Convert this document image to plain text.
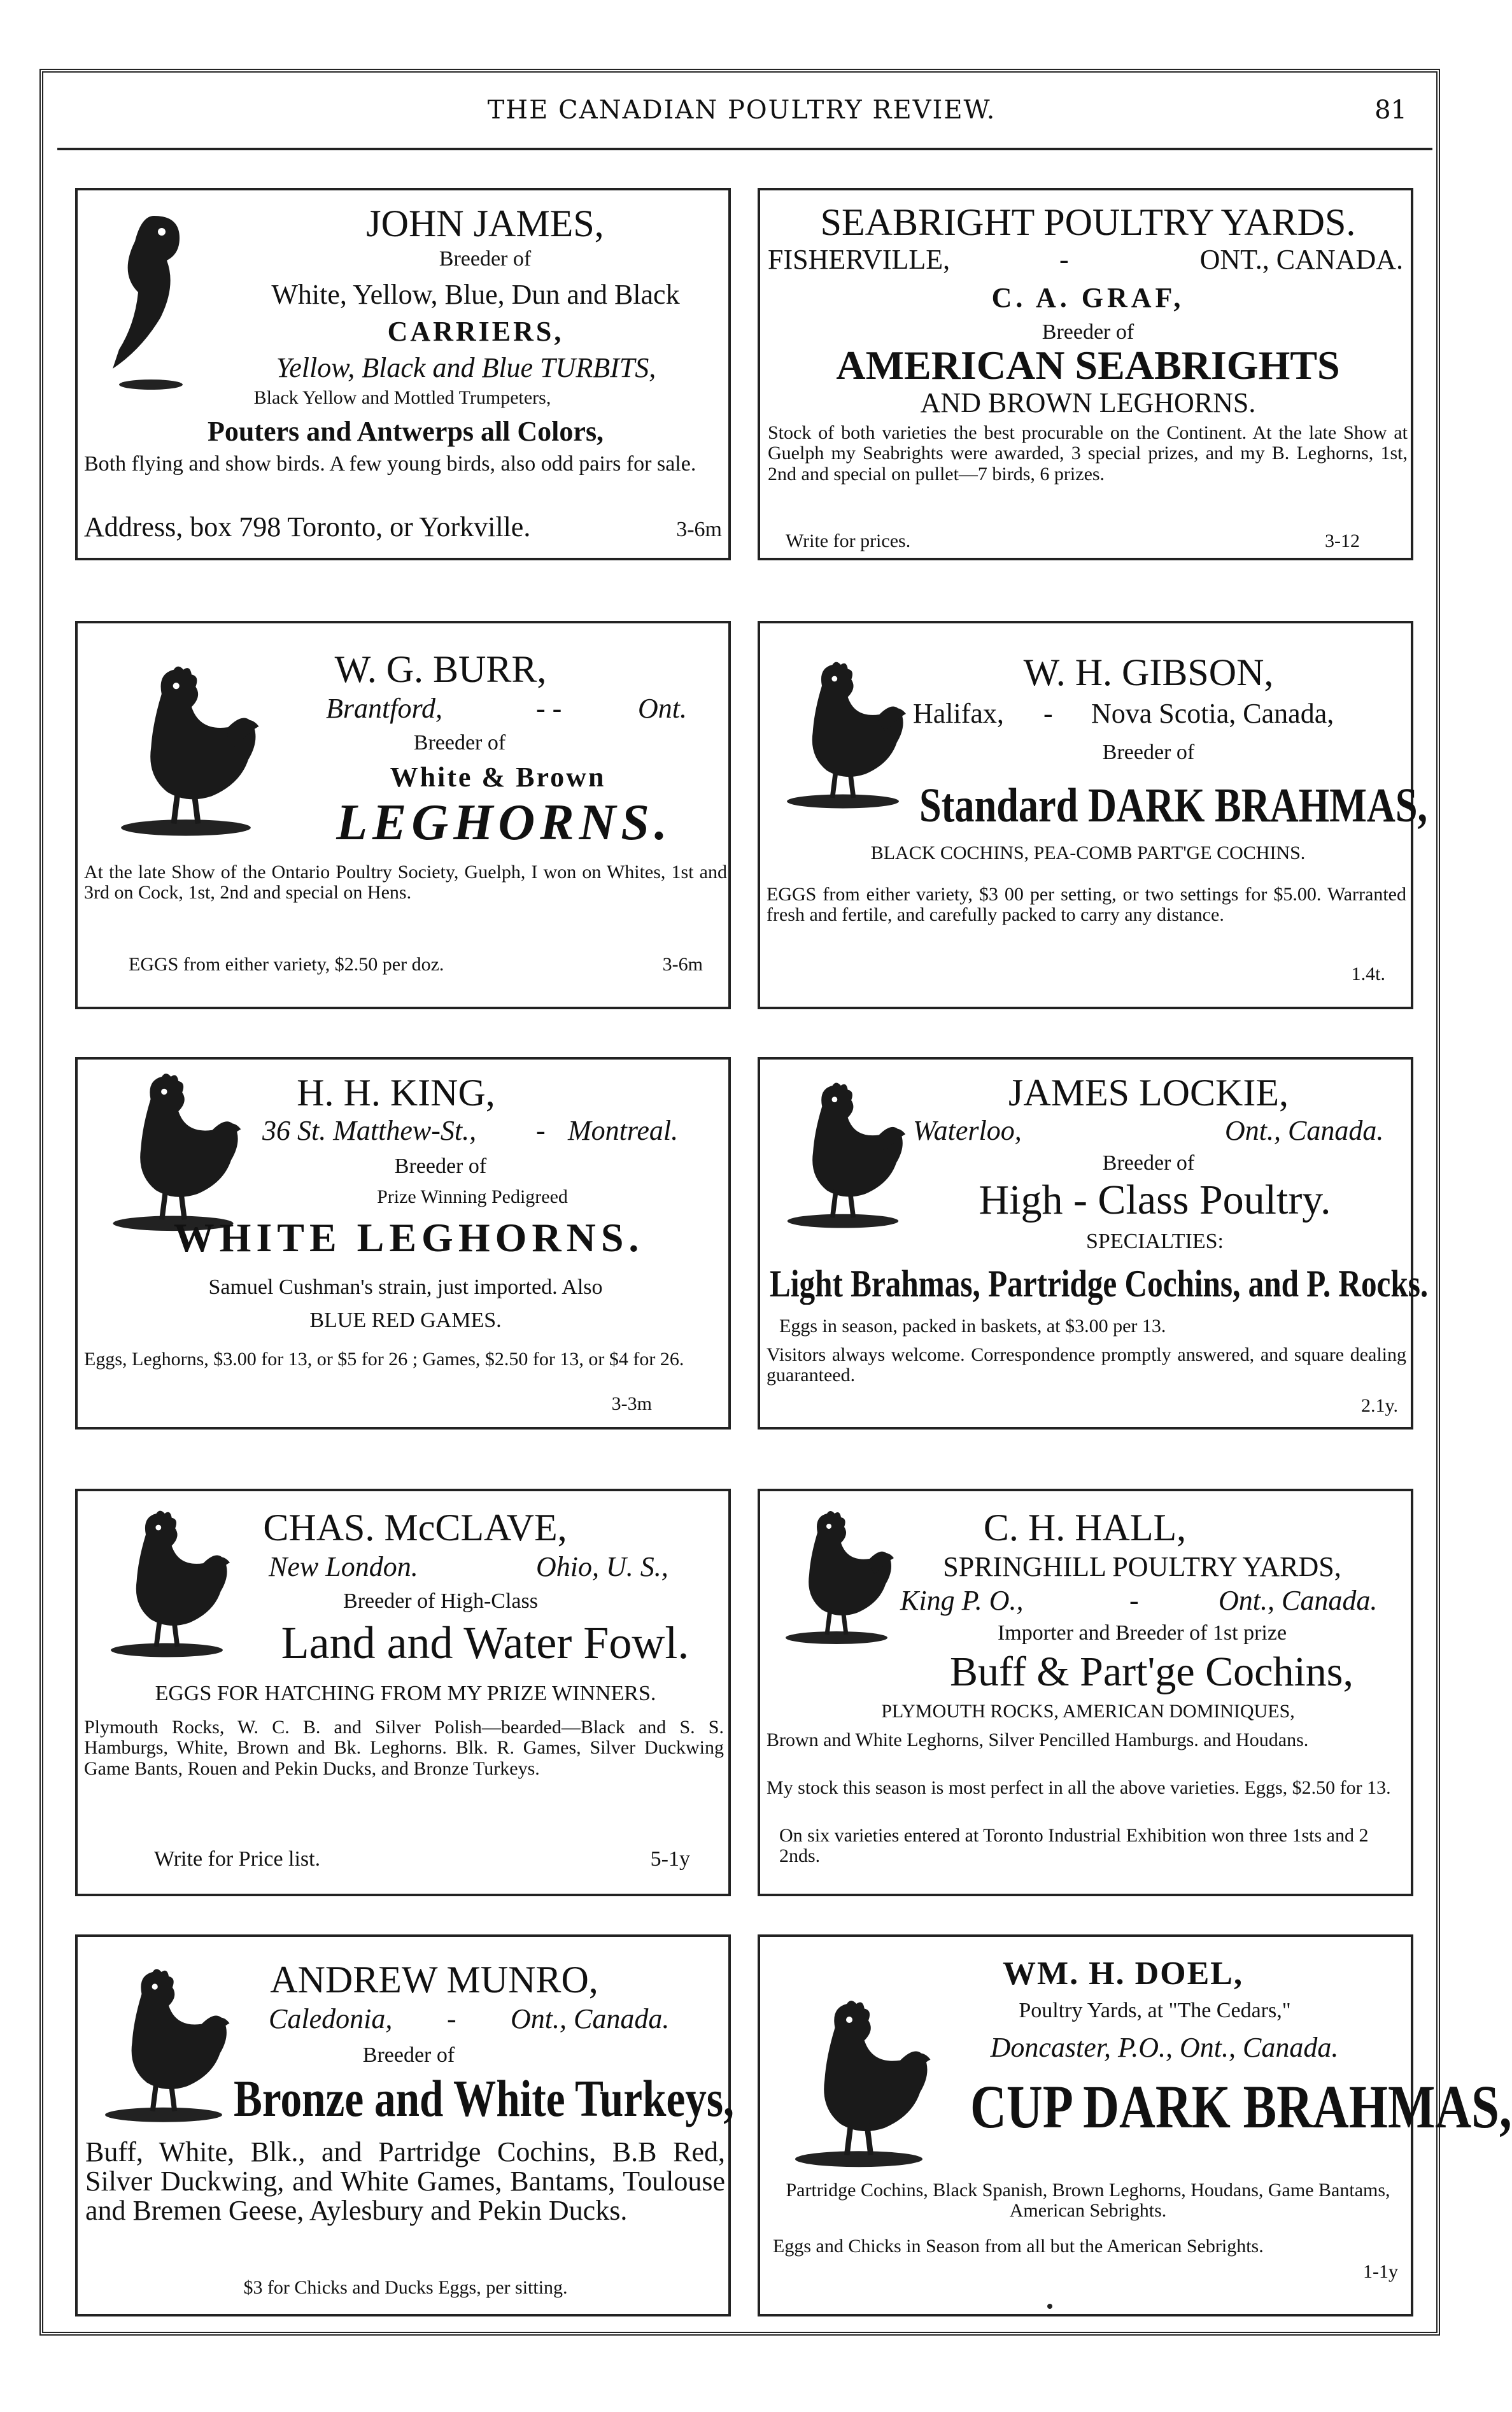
THE CANADIAN POULTRY REVIEW.	81
JOHN JAMES,
Breeder of
White, Yellow, Blue, Dun and Black
CARRIERS,
Yellow, Black and Blue TURBITS,
Black Yellow and Mottled Trumpeters,
Pouters and Antwerps all Colors,
Both flying and show birds. A few young birds, also odd pairs for sale.
Address, box 798 Toronto, or Yorkville.	3-6m
SEABRIGHT POULTRY YARDS.
FISHERVILLE,	-	ONT., CANADA.
C. A. GRAF,
Breeder of
AMERICAN SEABRIGHTS
AND BROWN LEGHORNS.
Stock of both varieties the best procurable on the Continent. At the late Show at Guelph my Seabrights were awarded, 3 special prizes, and my B. Leghorns, 1st, 2nd and special on pullet—7 birds, 6 prizes.
Write for prices.	3-12
W. G. BURR,
Brantford,	- -	Ont.
Breeder of
White & Brown
LEGHORNS.
At the late Show of the Ontario Poultry Society, Guelph, I won on Whites, 1st and 3rd on Cock, 1st, 2nd and special on Hens.
EGGS from either variety, $2.50 per doz.	3-6m
W. H. GIBSON,
Halifax, - Nova Scotia, Canada,
Breeder of
Standard DARK BRAHMAS,
BLACK COCHINS, PEA-COMB PART'GE COCHINS.
EGGS from either variety, $3 00 per setting, or two settings for $5.00. Warranted fresh and fertile, and carefully packed to carry any distance.
1.4t.
H. H. KING,
36 St. Matthew-St., - Montreal.
Breeder of
Prize Winning Pedigreed
WHITE LEGHORNS.
Samuel Cushman's strain, just imported. Also
BLUE RED GAMES.
Eggs, Leghorns, $3.00 for 13, or $5 for 26 ; Games, $2.50 for 13, or $4 for 26.
3-3m
JAMES LOCKIE,
Waterloo,	Ont., Canada.
Breeder of
High - Class Poultry.
SPECIALTIES:
Light Brahmas, Partridge Cochins, and P. Rocks.
Eggs in season, packed in baskets, at $3.00 per 13.
Visitors always welcome. Correspondence promptly answered, and square dealing guaranteed.
2.1y.
CHAS. McCLAVE,
New London.	Ohio, U. S.,
Breeder of High-Class
Land and Water Fowl.
EGGS FOR HATCHING FROM MY PRIZE WINNERS.
Plymouth Rocks, W. C. B. and Silver Polish—bearded—Black and S. S. Hamburgs, White, Brown and Bk. Leghorns. Blk. R. Games, Silver Duckwing Game Bants, Rouen and Pekin Ducks, and Bronze Turkeys.
Write for Price list.	5-1y
C. H. HALL,
SPRINGHILL POULTRY YARDS,
King P. O.,	-	Ont., Canada.
Importer and Breeder of 1st prize
Buff & Part'ge Cochins,
PLYMOUTH ROCKS, AMERICAN DOMINIQUES,
Brown and White Leghorns, Silver Pencilled Hamburgs. and Houdans.
My stock this season is most perfect in all the above varieties. Eggs, $2.50 for 13.
On six varieties entered at Toronto Industrial Exhibition won three 1sts and 2 2nds.
ANDREW MUNRO,
Caledonia, - Ont., Canada.
Breeder of
Bronze and White Turkeys,
Buff, White, Blk., and Partridge Cochins, B.B Red, Silver Duckwing, and White Games, Bantams, Toulouse and Bremen Geese, Aylesbury and Pekin Ducks.
$3 for Chicks and Ducks Eggs, per sitting.
WM. H. DOEL,
Poultry Yards, at "The Cedars,"
Doncaster, P.O., Ont., Canada.
CUP DARK BRAHMAS,
Partridge Cochins, Black Spanish, Brown Leghorns, Houdans, Game Bantams, American Sebrights.
Eggs and Chicks in Season from all but the American Sebrights.
1-1y
